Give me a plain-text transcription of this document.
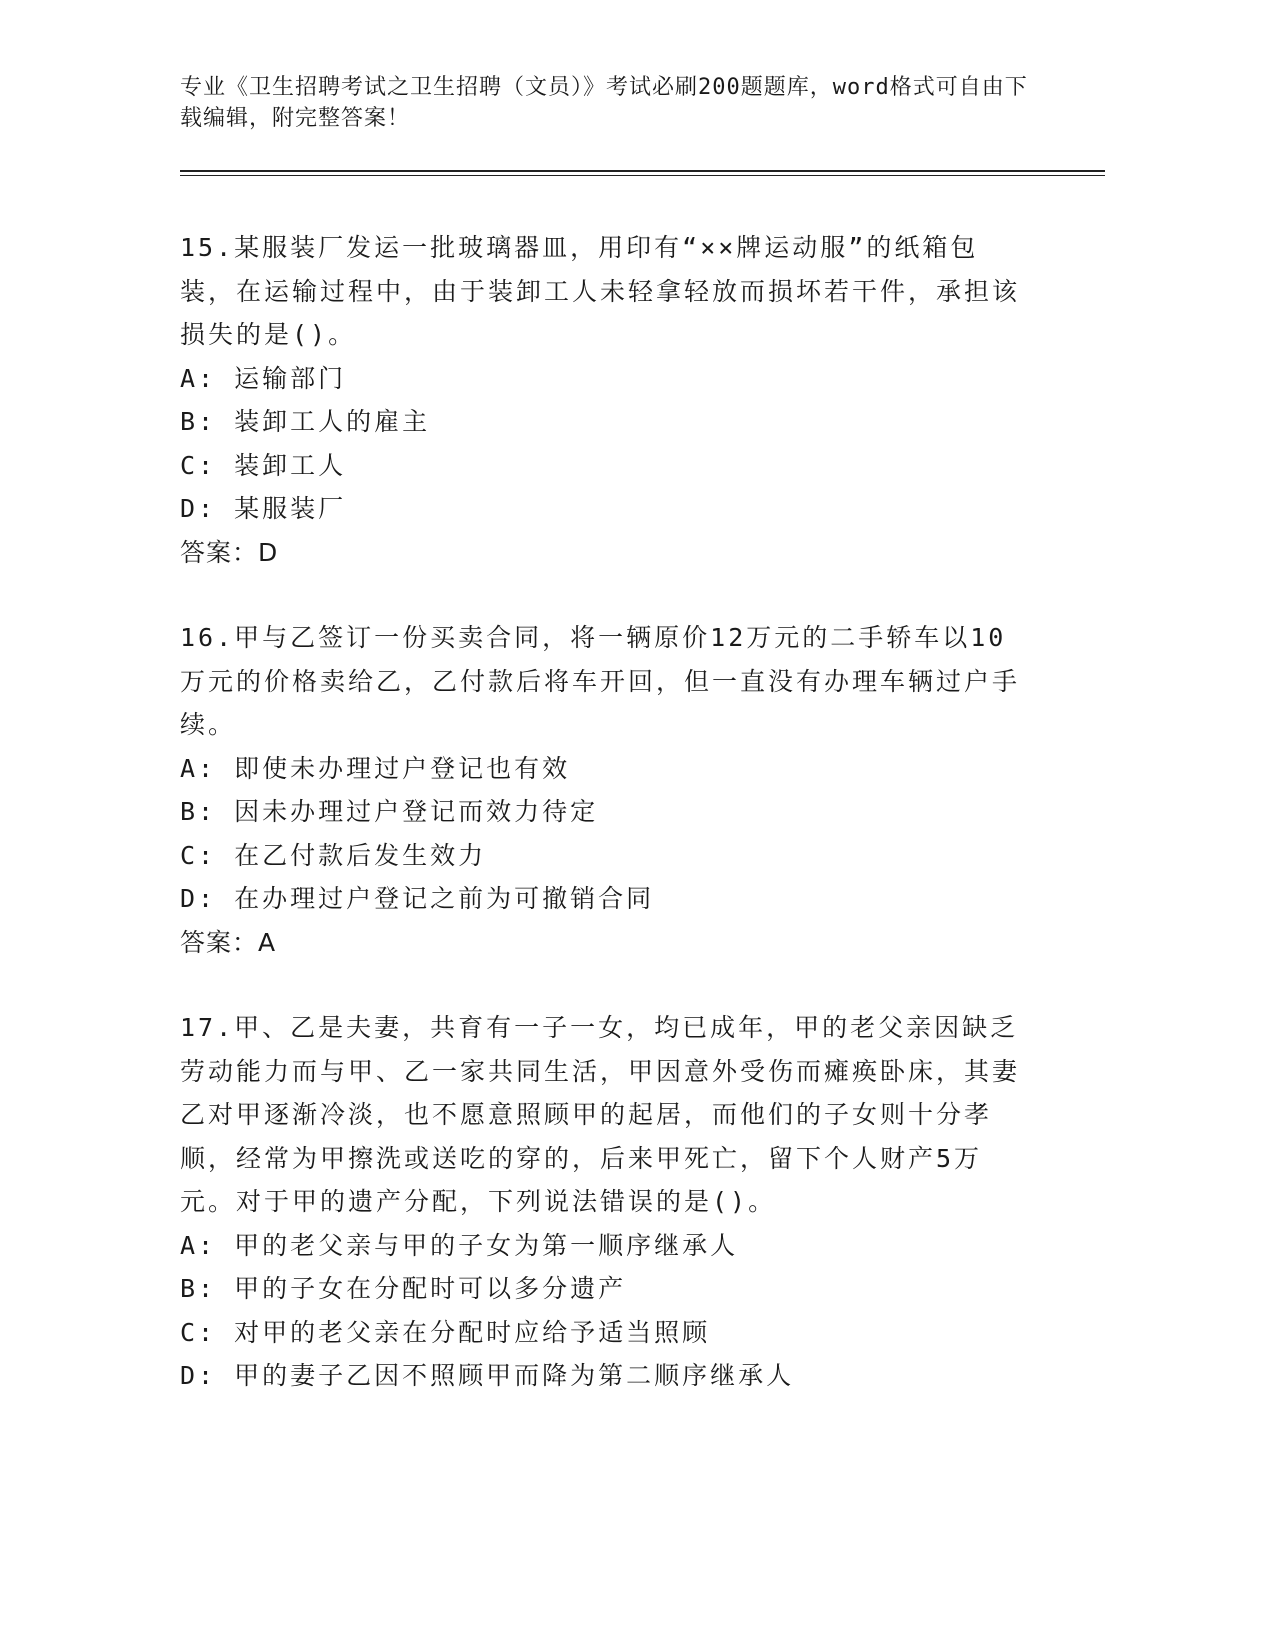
专业《卫生招聘考试之卫生招聘（文员）》考试必刷200题题库，word格式可自由下载编辑，附完整答案！
15.某服装厂发运一批玻璃器皿，用印有“××牌运动服”的纸箱包装，在运输过程中，由于装卸工人未轻拿轻放而损坏若干件，承担该损失的是()。
A: 运输部门
B: 装卸工人的雇主
C: 装卸工人
D: 某服装厂
答案：D
16.甲与乙签订一份买卖合同，将一辆原价12万元的二手轿车以10万元的价格卖给乙，乙付款后将车开回，但一直没有办理车辆过户手续。
A: 即使未办理过户登记也有效
B: 因未办理过户登记而效力待定
C: 在乙付款后发生效力
D: 在办理过户登记之前为可撤销合同
答案：A
17.甲、乙是夫妻，共育有一子一女，均已成年，甲的老父亲因缺乏劳动能力而与甲、乙一家共同生活，甲因意外受伤而瘫痪卧床，其妻乙对甲逐渐冷淡，也不愿意照顾甲的起居，而他们的子女则十分孝顺，经常为甲擦洗或送吃的穿的，后来甲死亡，留下个人财产5万元。对于甲的遗产分配，下列说法错误的是()。
A: 甲的老父亲与甲的子女为第一顺序继承人
B: 甲的子女在分配时可以多分遗产
C: 对甲的老父亲在分配时应给予适当照顾
D: 甲的妻子乙因不照顾甲而降为第二顺序继承人
